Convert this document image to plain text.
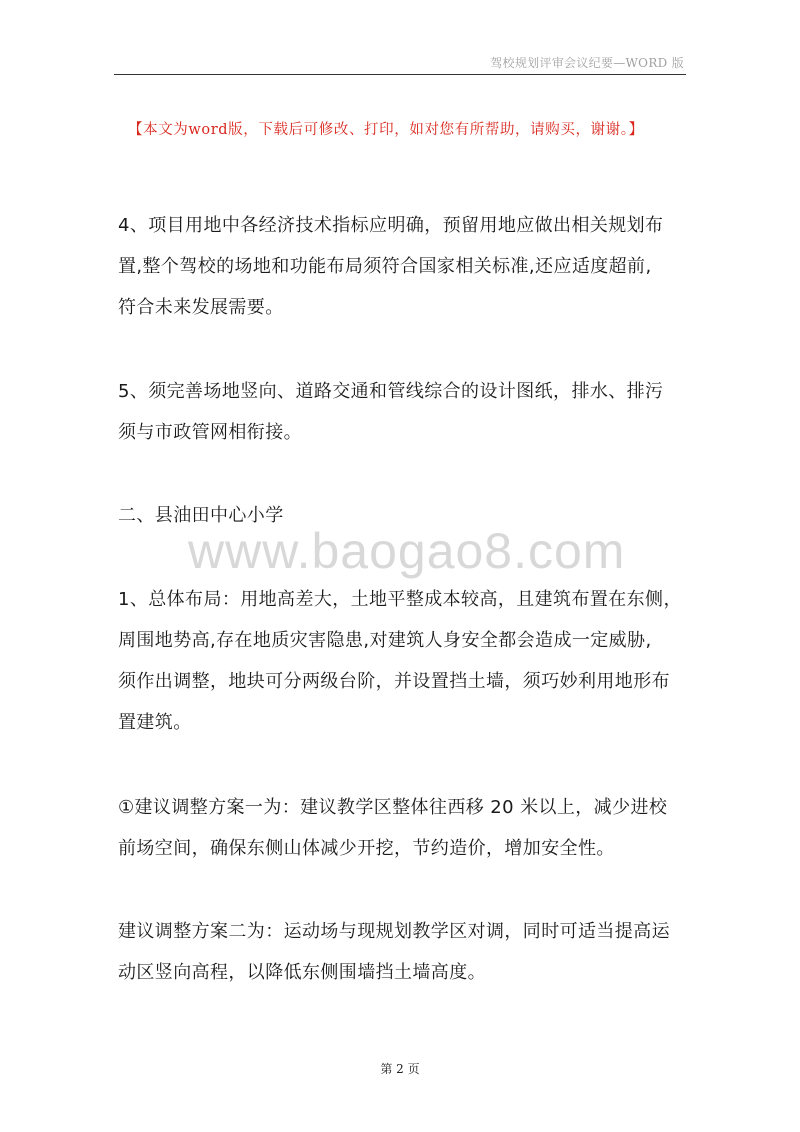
驾校规划评审会议纪要—WORD 版
【本文为word版，下载后可修改、打印，如对您有所帮助，请购买，谢谢。】
www.baogao8.com
4、项目用地中各经济技术指标应明确，预留用地应做出相关规划布
置,整个驾校的场地和功能布局须符合国家相关标准,还应适度超前,
符合未来发展需要。
5、须完善场地竖向、道路交通和管线综合的设计图纸，排水、排污
须与市政管网相衔接。
二、县油田中心小学
1、总体布局：用地高差大，土地平整成本较高，且建筑布置在东侧，
周围地势高,存在地质灾害隐患,对建筑人身安全都会造成一定威胁,
须作出调整，地块可分两级台阶，并设置挡土墙，须巧妙利用地形布
置建筑。
①建议调整方案一为：建议教学区整体往西移 20 米以上，减少进校
前场空间，确保东侧山体减少开挖，节约造价，增加安全性。
建议调整方案二为：运动场与现规划教学区对调，同时可适当提高运
动区竖向高程，以降低东侧围墙挡土墙高度。
第 2 页
